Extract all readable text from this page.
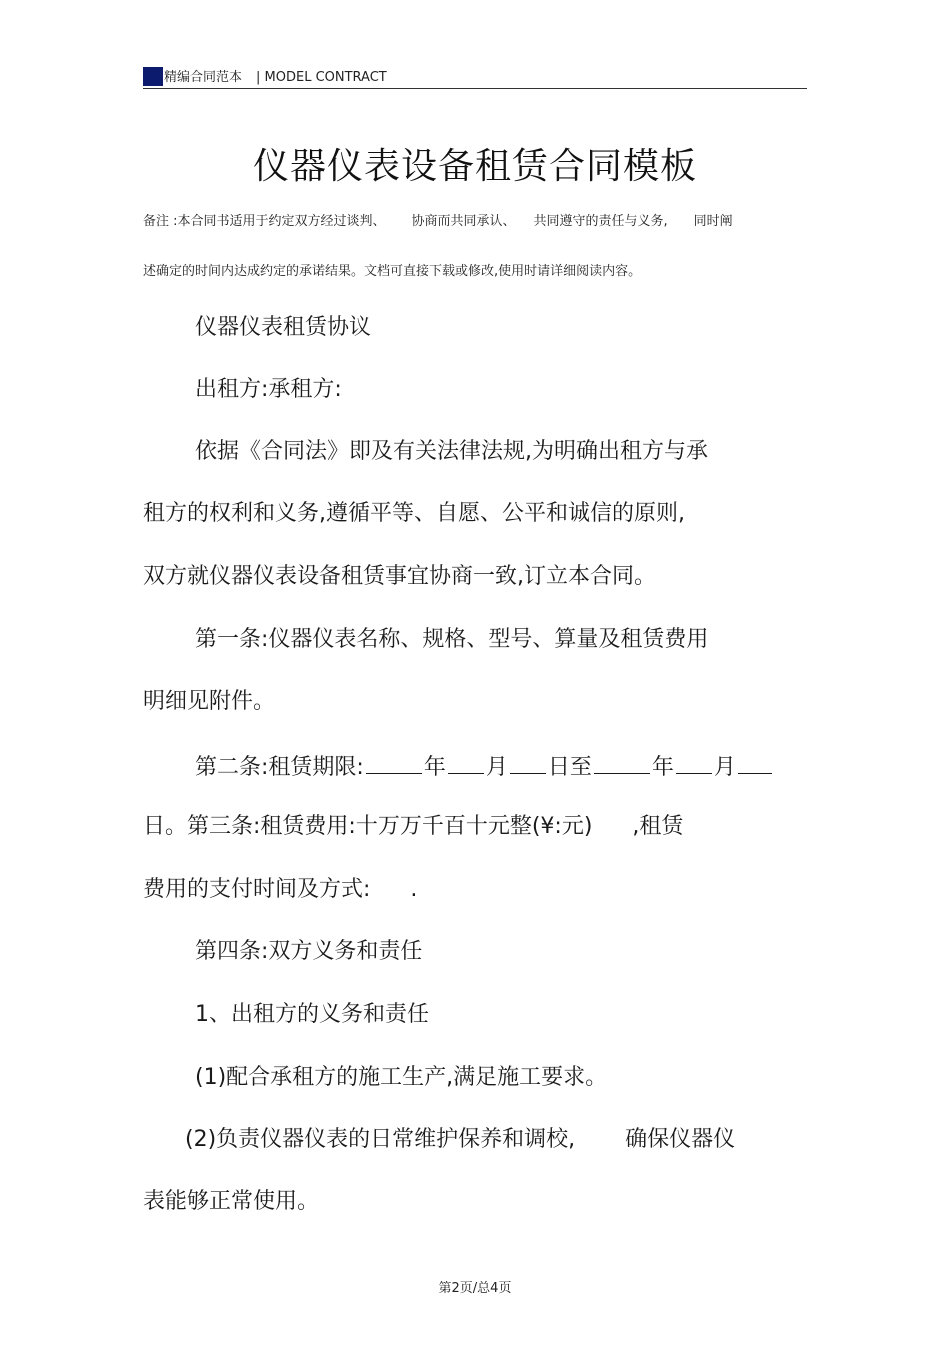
精编合同范本 | MODEL CONTRACT
仪器仪表设备租赁合同模板
备注 :本合同书适用于约定双方经过谈判、 协商而共同承认、 共同遵守的责任与义务, 同时阐
述确定的时间内达成约定的承诺结果。文档可直接下载或修改,使用时请详细阅读内容。
仪器仪表租赁协议
出租方:承租方:
依据《合同法》即及有关法律法规,为明确出租方与承
租方的权利和义务,遵循平等、自愿、公平和诚信的原则,
双方就仪器仪表设备租赁事宜协商一致,订立本合同。
第一条:仪器仪表名称、规格、型号、算量及租赁费用
明细见附件。
第二条:租赁期限:	年 月 日至	年 月
日。第三条:租赁费用:十万万千百十元整(¥:元) ,租赁
费用的支付时间及方式: .
第四条:双方义务和责任
1、出租方的义务和责任
(1)配合承租方的施工生产,满足施工要求。
(2)负责仪器仪表的日常维护保养和调校, 确保仪器仪
表能够正常使用。
第2页/总4页
